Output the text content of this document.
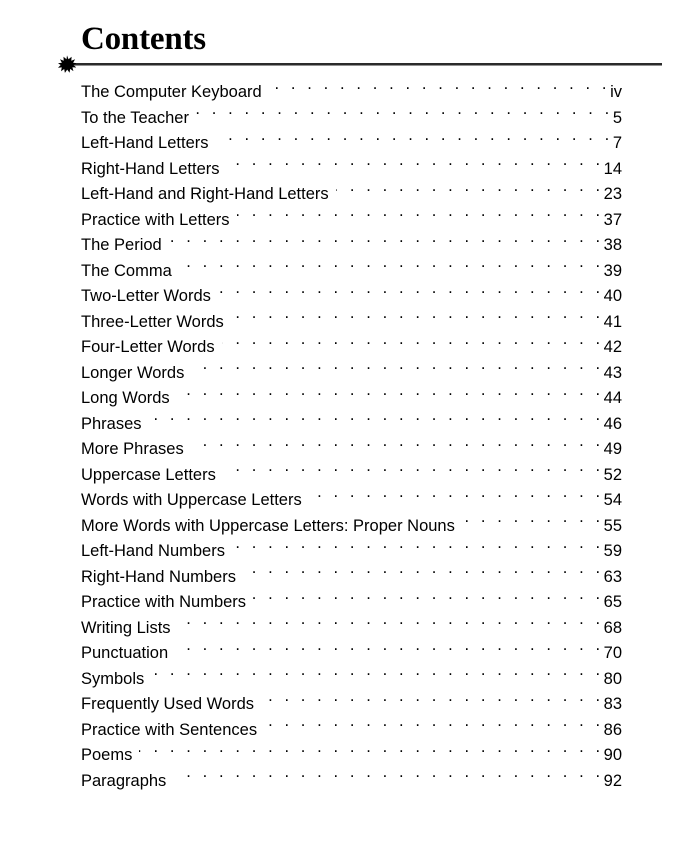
Contents
The Computer Keyboard . . .	iv
To the Teacher . . .	5
Left-Hand Letters . . .	7
Right-Hand Letters . . .	14
Left-Hand and Right-Hand Letters . . .	23
Practice with Letters . . .	37
The Period . . .	38
The Comma . . .	39
Two-Letter Words . . .	40
Three-Letter Words . . .	41
Four-Letter Words . . .	42
Longer Words . . .	43
Long Words . . .	44
Phrases . . .	46
More Phrases . . .	49
Uppercase Letters . . .	52
Words with Uppercase Letters . . .	54
More Words with Uppercase Letters: Proper Nouns . . .	55
Left-Hand Numbers . . .	59
Right-Hand Numbers . . .	63
Practice with Numbers . . .	65
Writing Lists . . .	68
Punctuation . . .	70
Symbols . . .	80
Frequently Used Words . . .	83
Practice with Sentences . . .	86
Poems . . .	90
Paragraphs . . .	92
